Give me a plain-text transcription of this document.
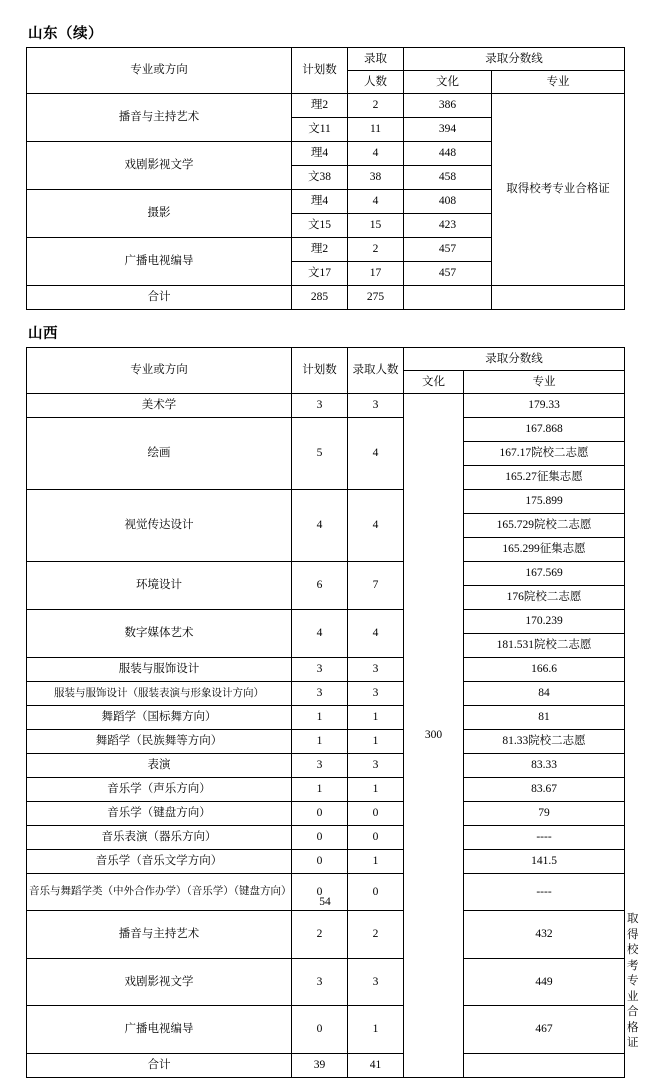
山东（续）
专业或方向	计划数	录取	录取分数线	
		人数	文化	专业
播音与主持艺术	理2	2	386	取得校考专业合格证
	文11	11	394	
戏剧影视文学	理4	4	448	
	文38	38	458	
摄影	理4	4	408	
	文15	15	423	
广播电视编导	理2	2	457	
	文17	17	457	
合计	285	275		
山西
专业或方向	计划数	录取人数	录取分数线		
			文化	专业	
美术学	3	3	300	179.33	
绘画	5	4		167.868	
				167.17院校二志愿	
				165.27征集志愿	
视觉传达设计	4	4		175.899	
				165.729院校二志愿	
				165.299征集志愿	
环境设计	6	7		167.569	
				176院校二志愿	
数字媒体艺术	4	4		170.239	
				181.531院校二志愿	
服装与服饰设计	3	3		166.6	
服装与服饰设计（服装表演与形象设计方向）	3	3		84	
舞蹈学（国标舞方向）	1	1		81	
舞蹈学（民族舞等方向）	1	1		81.33院校二志愿	
表演	3	3		83.33	
音乐学（声乐方向）	1	1		83.67	
音乐学（键盘方向）	0	0		79	
音乐表演（器乐方向）	0	0		----	
音乐学（音乐文学方向）	0	1		141.5	
音乐与舞蹈学类（中外合作办学）（音乐学）（键盘方向）	0	0		----	
播音与主持艺术	2	2		432	取得校考
专业合格证

戏剧影视文学	3	3		449	
广播电视编导	0	1		467	
合计	39	41			
54
